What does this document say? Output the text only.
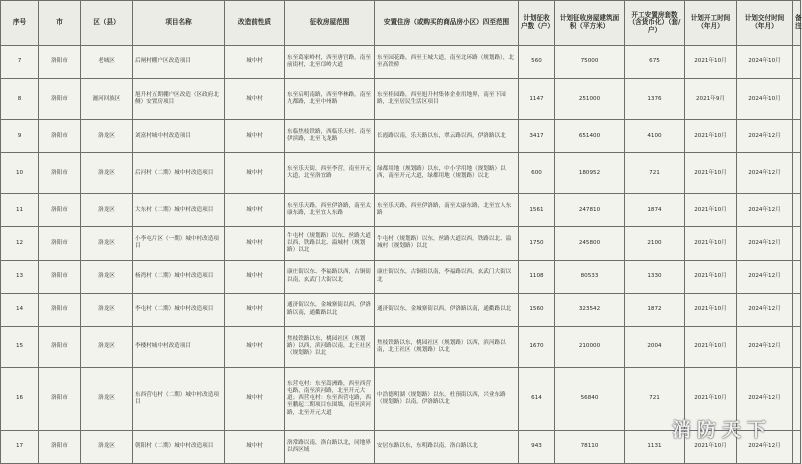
序号	市	区（县）	项目名称	改造前性质	征收房屋范围	安置住房（或购买的商品房小区）四至范围	计划征收户数（户）	计划征收房屋建筑面积（平方米）	开工安置房套数（含货币化）（套/户）	计划开工时间（年月）	计划交付时间（年月）	备注
7	洛阳市	老城区	后闸村棚户区改造项目	城中村	东至葛家岭村，西至唐宫路，南至前街村，北至邙岭大道	东至园花路，西至王城大道，南至北环路（规划路），北至高铁桥	560	75000	675	2021年10月	2024年10月	
8	洛阳市	瀍河回族区	旭升村五期棚户区改造（区政府北侧）安置房项目	城中村	东至启明南路，西至华林路，南至九都路，北至中州路	东至桂园路，西至旭升村集体企业用地界，南至下园路，北至居民生活区项目	1147	251000	1376	2021年9月	2024年10月	
9	洛阳市	洛龙区	刘富村城中村改造项目	城中村	东临焦枝铁路，西临乐天村、南至伊滨路，北至飞龙路	长霞路以南，乐天路以东，翠云路以西，伊洛路以北	3417	651400	4100	2021年10月	2024年12月	
10	洛阳市	洛龙区	后河村（二期）城中村改造项目	城中村	东至乐天街，西至李营，南至开元大道，北至洛宜路	绿都用地（规划路）以东，中小学用地（规划路）以西，南至开元大道，绿都用地（规划路）以北	600	180952	721	2021年10月	2024年12月	
11	洛阳市	洛龙区	大东村（二期）城中村改造项目	城中村	东至乐天路，西至伊洛路，南至太康东路，北至宜人东路	东至乐天路，西至伊洛路，南至太康东路，北至宜人东路	1561	247810	1874	2021年10月	2024年12月	
12	洛阳市	洛龙区	小李屯片区（一期）城中村改造项目	城中村	牛屯村（规划路）以东、丝路大道以西、铁路以北、溢城村（规划路）以北	牛屯村（规划路）以东，丝路大道以西，铁路以北、溢城村（规划路）以北	1750	245800	2100	2021年10月	2024年12月	
13	洛阳市	洛龙区	杨湾村（二期）城中村改造项目	城中村	康庄街以东、李福路以西，古铜街以南，玄武门大街以北	康庄街以东，古铜街以南，李福路以西，玄武门大街以北	1108	80533	1330	2021年10月	2024年12月	
14	洛阳市	洛龙区	李屯村（二期）城中村改造项目	城中村	通济街以东，金城寨街以西，伊洛路以南，通衢路以北	通济街以东，金城寨街以西，伊洛路以南，通衢路以北	1560	323542	1872	2021年10月	2024年12月	
15	洛阳市	洛龙区	李楼村城中村改造项目	城中村	焦枝铁路以东，桃园社区（规划路）以西，滨河路以南，北王社区（规划路）以北	焦枝铁路以东，桃园社区（规划路）以西，滨河路以南，北王社区（规划路）以北	1670	210000	2004	2021年10月	2024年12月	
16	洛阳市	洛龙区	东西营屯村（二期）城中村改造项目	城中村	东营屯村：东至嵩洲路，西至西营屯路，南至滨河路，北至开元大道；西营屯村：东至西营屯路，西至鹏起二期项目东围墙，南至滨河路，北至开元大道	中浩德明湖（规划路）以东，杜预街以西，兴业东路（规划路）以南，伊洛路以北	614	56840	721	2021年10月	2024年12月	
17	洛阳市	洛龙区	朝阳村（二期）城中村改造项目	城中村	洛常路以南，洛白路以北，同地界以西区域	安居东路以东，东明路以南，洛白路以北	943	78110	1131	2021年10月	2024年12月	
消防天下
